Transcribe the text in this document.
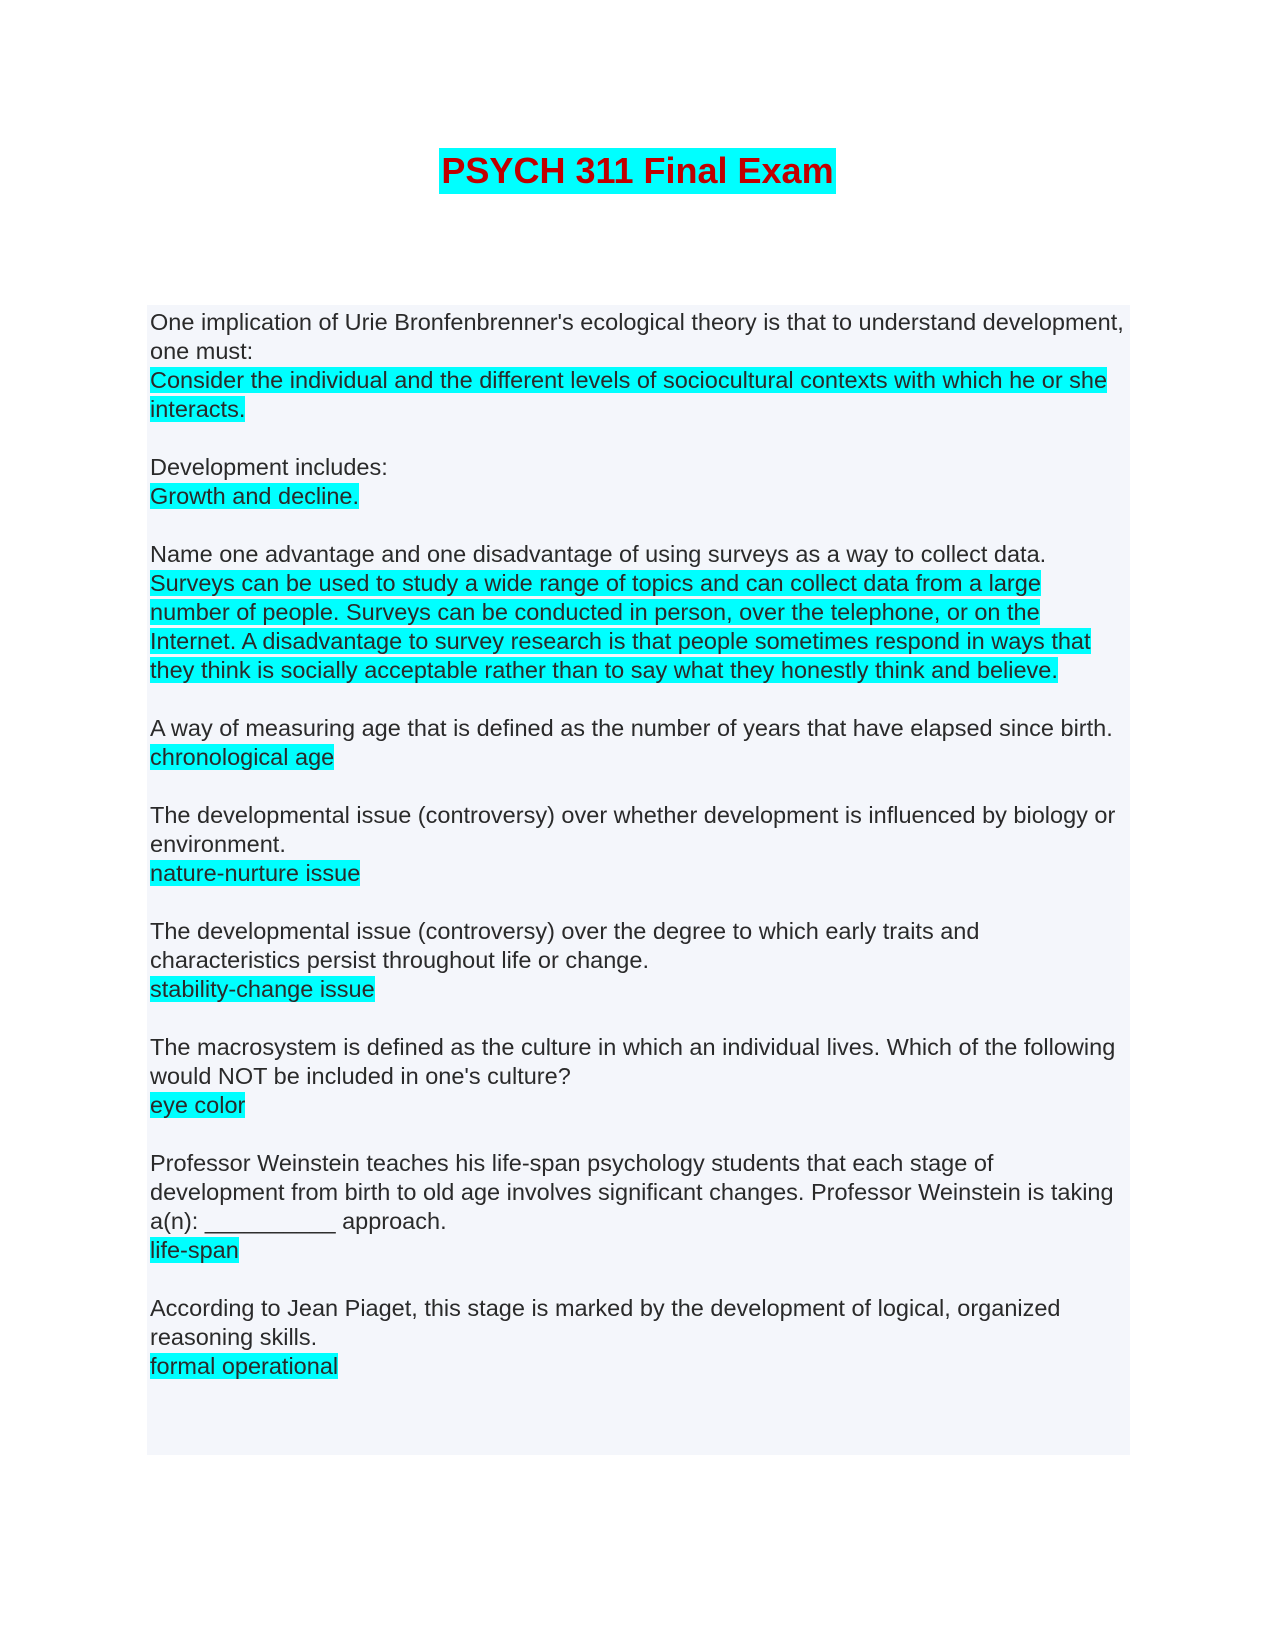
PSYCH 311 Final Exam

One implication of Urie Bronfenbrenner's ecological theory is that to understand development, one must:

Consider the individual and the different levels of sociocultural contexts with which he or she interacts.

Development includes:

Growth and decline.

Name one advantage and one disadvantage of using surveys as a way to collect data.

Surveys can be used to study a wide range of topics and can collect data from a large number of people. Surveys can be conducted in person, over the telephone, or on the Internet. A disadvantage to survey research is that people sometimes respond in ways that they think is socially acceptable rather than to say what they honestly think and believe.

A way of measuring age that is defined as the number of years that have elapsed since birth.

chronological age

The developmental issue (controversy) over whether development is influenced by biology or environment.

nature-nurture issue

The developmental issue (controversy) over the degree to which early traits and characteristics persist throughout life or change.

stability-change issue

The macrosystem is defined as the culture in which an individual lives. Which of the following would NOT be included in one's culture?

eye color

Professor Weinstein teaches his life-span psychology students that each stage of development from birth to old age involves significant changes. Professor Weinstein is taking a(n): __________ approach.

life-span

According to Jean Piaget, this stage is marked by the development of logical, organized reasoning skills.

formal operational
